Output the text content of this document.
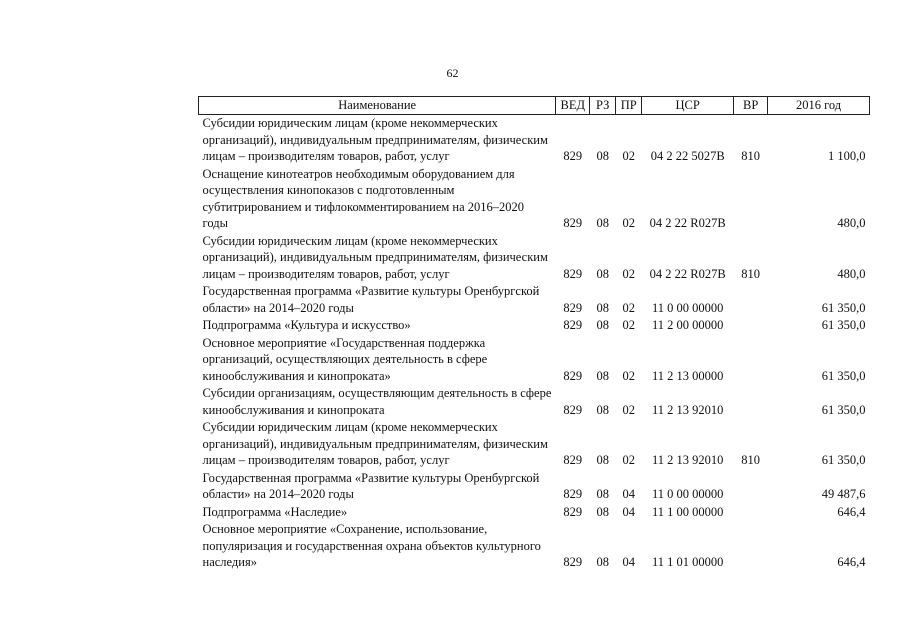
62
Наименование	ВЕД	РЗ	ПР	ЦСР	ВР	2016 год
Субсидии юридическим лицам (кроме некоммерческих организаций), индивидуальным предпринимателям, физическим лицам – производителям товаров, работ, услуг	829	08	02	04 2 22 5027В	810	1 100,0
Оснащение кинотеатров необходимым оборудованием для осуществления кинопоказов с подготовленным субтитрированием и тифлокомментированием на 2016–2020 годы	829	08	02	04 2 22 R027В		480,0
Субсидии юридическим лицам (кроме некоммерческих организаций), индивидуальным предпринимателям, физическим лицам – производителям товаров, работ, услуг	829	08	02	04 2 22 R027В	810	480,0
Государственная программа «Развитие культуры Оренбургской области» на 2014–2020 годы	829	08	02	11 0 00 00000		61 350,0
Подпрограмма «Культура и искусство»	829	08	02	11 2 00 00000		61 350,0
Основное мероприятие «Государственная поддержка организаций, осуществляющих деятельность в сфере кинообслуживания и кинопроката»	829	08	02	11 2 13 00000		61 350,0
Субсидии организациям, осуществляющим деятельность в сфере кинообслуживания и кинопроката	829	08	02	11 2 13 92010		61 350,0
Субсидии юридическим лицам (кроме некоммерческих организаций), индивидуальным предпринимателям, физическим лицам – производителям товаров, работ, услуг	829	08	02	11 2 13 92010	810	61 350,0
Государственная программа «Развитие культуры Оренбургской области» на 2014–2020 годы	829	08	04	11 0 00 00000		49 487,6
Подпрограмма «Наследие»	829	08	04	11 1 00 00000		646,4
Основное мероприятие «Сохранение, использование, популяризация и государственная охрана объектов культурного наследия»	829	08	04	11 1 01 00000		646,4
